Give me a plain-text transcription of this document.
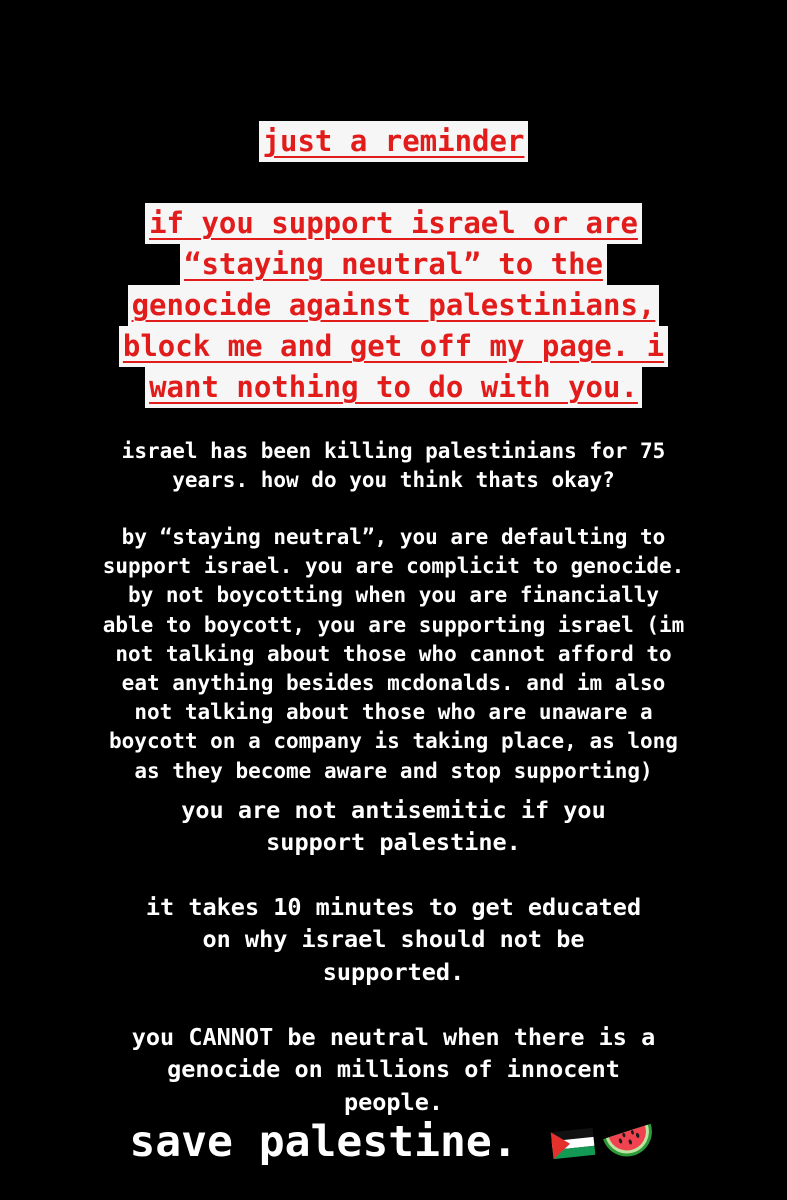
just a reminder
if you support israel or are
“staying neutral” to the
genocide against palestinians,
block me and get off my page. i
want nothing to do with you.
israel has been killing palestinians for 75
years. how do you think thats okay?
by “staying neutral”, you are defaulting to
support israel. you are complicit to genocide.
by not boycotting when you are financially
able to boycott, you are supporting israel (im
not talking about those who cannot afford to
eat anything besides mcdonalds. and im also
not talking about those who are unaware a
boycott on a company is taking place, as long
as they become aware and stop supporting)
you are not antisemitic if you
support palestine.
it takes 10 minutes to get educated
on why israel should not be
supported.
you CANNOT be neutral when there is a
genocide on millions of innocent
people.
save palestine.
